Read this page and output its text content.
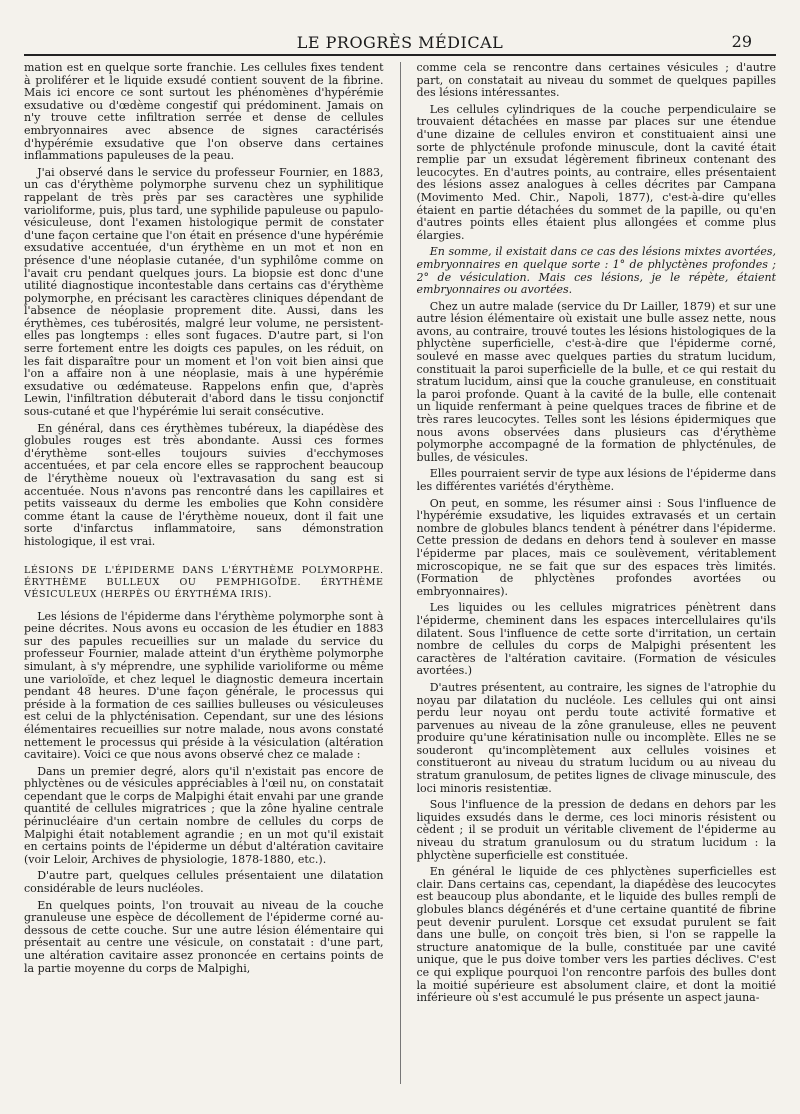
LE PROGRÈS MÉDICAL	29

mation est en quelque sorte franchie. Les cellules fixes tendent à proliférer et le liquide exsudé contient souvent de la fibrine. Mais ici encore ce sont surtout les phénomènes d'hypérémie exsudative ou d'œdème congestif qui prédominent. Jamais on n'y trouve cette infiltration serrée et dense de cellules embryonnaires avec absence de signes caractérisés d'hypérémie exsudative que l'on observe dans certaines inflammations papuleuses de la peau.

J'ai observé dans le service du professeur Fournier, en 1883, un cas d'érythème polymorphe survenu chez un syphilitique rappelant de très près par ses caractères une syphilide varioliforme, puis, plus tard, une syphilide papuleuse ou papulo-vésiculeuse, dont l'examen histologique permit de constater d'une façon certaine que l'on était en présence d'une hypérémie exsudative accentuée, d'un érythème en un mot et non en présence d'une néoplasie cutanée, d'un syphilôme comme on l'avait cru pendant quelques jours. La biopsie est donc d'une utilité diagnostique incontestable dans certains cas d'érythème polymorphe, en précisant les caractères cliniques dépendant de l'absence de néoplasie proprement dite. Aussi, dans les érythèmes, ces tubérosités, malgré leur volume, ne persistent-elles pas longtemps : elles sont fugaces. D'autre part, si l'on serre fortement entre les doigts ces papules, on les réduit, on les fait disparaître pour un moment et l'on voit bien ainsi que l'on a affaire non à une néoplasie, mais à une hypérémie exsudative ou œdémateuse. Rappelons enfin que, d'après Lewin, l'infiltration débuterait d'abord dans le tissu conjonctif sous-cutané et que l'hypérémie lui serait consécutive.

En général, dans ces érythèmes tubéreux, la diapédèse des globules rouges est très abondante. Aussi ces formes d'érythème sont-elles toujours suivies d'ecchymoses accentuées, et par cela encore elles se rapprochent beaucoup de l'érythème noueux où l'extravasation du sang est si accentuée. Nous n'avons pas rencontré dans les capillaires et petits vaisseaux du derme les embolies que Kohn considère comme étant la cause de l'érythème noueux, dont il fait une sorte d'infarctus inflammatoire, sans démonstration histologique, il est vrai.

LÉSIONS DE L'ÉPIDERME DANS L'ÉRYTHÈME POLYMORPHE. ÉRYTHÈME BULLEUX OU PEMPHIGOÏDE. ÉRYTHÈME VÉSICULEUX (HERPÈS OU ÉRYTHÉMA IRIS).

Les lésions de l'épiderme dans l'érythème polymorphe sont à peine décrites. Nous avons eu occasion de les étudier en 1883 sur des papules recueillies sur un malade du service du professeur Fournier, malade atteint d'un érythème polymorphe simulant, à s'y méprendre, une syphilide varioliforme ou même une varioloïde, et chez lequel le diagnostic demeura incertain pendant 48 heures. D'une façon générale, le processus qui préside à la formation de ces saillies bulleuses ou vésiculeuses est celui de la phlycténisation. Cependant, sur une des lésions élémentaires recueillies sur notre malade, nous avons constaté nettement le processus qui préside à la vésiculation (altération cavitaire). Voici ce que nous avons observé chez ce malade :

Dans un premier degré, alors qu'il n'existait pas encore de phlyctènes ou de vésicules appréciables à l'œil nu, on constatait cependant que le corps de Malpighi était envahi par une grande quantité de cellules migratrices ; que la zône hyaline centrale périnucléaire d'un certain nombre de cellules du corps de Malpighi était notablement agrandie ; en un mot qu'il existait en certains points de l'épiderme un début d'altération cavitaire (voir Leloir, Archives de physiologie, 1878-1880, etc.).

D'autre part, quelques cellules présentaient une dilatation considérable de leurs nucléoles.

En quelques points, l'on trouvait au niveau de la couche granuleuse une espèce de décollement de l'épiderme corné au-dessous de cette couche. Sur une autre lésion élémentaire qui présentait au centre une vésicule, on constatait : d'une part, une altération cavitaire assez prononcée en certains points de la partie moyenne du corps de Malpighi,

comme cela se rencontre dans certaines vésicules ; d'autre part, on constatait au niveau du sommet de quelques papilles des lésions intéressantes.

Les cellules cylindriques de la couche perpendiculaire se trouvaient détachées en masse par places sur une étendue d'une dizaine de cellules environ et constituaient ainsi une sorte de phlycténule profonde minuscule, dont la cavité était remplie par un exsudat légèrement fibrineux contenant des leucocytes. En d'autres points, au contraire, elles présentaient des lésions assez analogues à celles décrites par Campana (Movimento Med. Chir., Napoli, 1877), c'est-à-dire qu'elles étaient en partie détachées du sommet de la papille, ou qu'en d'autres points elles étaient plus allongées et comme plus élargies.

En somme, il existait dans ce cas des lésions mixtes avortées, embryonnaires en quelque sorte : 1° de phlyctènes profondes ; 2° de vésiculation. Mais ces lésions, je le répète, étaient embryonnaires ou avortées.

Chez un autre malade (service du Dr Lailler, 1879) et sur une autre lésion élémentaire où existait une bulle assez nette, nous avons, au contraire, trouvé toutes les lésions histologiques de la phlyctène superficielle, c'est-à-dire que l'épiderme corné, soulevé en masse avec quelques parties du stratum lucidum, constituait la paroi superficielle de la bulle, et ce qui restait du stratum lucidum, ainsi que la couche granuleuse, en constituait la paroi profonde. Quant à la cavité de la bulle, elle contenait un liquide renfermant à peine quelques traces de fibrine et de très rares leucocytes. Telles sont les lésions épidermiques que nous avons observées dans plusieurs cas d'érythème polymorphe accompagné de la formation de phlycténules, de bulles, de vésicules.

Elles pourraient servir de type aux lésions de l'épiderme dans les différentes variétés d'érythème.

On peut, en somme, les résumer ainsi : Sous l'influence de l'hypérémie exsudative, les liquides extravasés et un certain nombre de globules blancs tendent à pénétrer dans l'épiderme. Cette pression de dedans en dehors tend à soulever en masse l'épiderme par places, mais ce soulèvement, véritablement microscopique, ne se fait que sur des espaces très limités. (Formation de phlyctènes profondes avortées ou embryonnaires).

Les liquides ou les cellules migratrices pénètrent dans l'épiderme, cheminent dans les espaces intercellulaires qu'ils dilatent. Sous l'influence de cette sorte d'irritation, un certain nombre de cellules du corps de Malpighi présentent les caractères de l'altération cavitaire. (Formation de vésicules avortées.)

D'autres présentent, au contraire, les signes de l'atrophie du noyau par dilatation du nucléole. Les cellules qui ont ainsi perdu leur noyau ont perdu toute activité formative et parvenues au niveau de la zône granuleuse, elles ne peuvent produire qu'une kératinisation nulle ou incomplète. Elles ne se souderont qu'incomplètement aux cellules voisines et constitueront au niveau du stratum lucidum ou au niveau du stratum granulosum, de petites lignes de clivage minuscule, des loci minoris resistentiæ.

Sous l'influence de la pression de dedans en dehors par les liquides exsudés dans le derme, ces loci minoris résistent ou cèdent ; il se produit un véritable clivement de l'épiderme au niveau du stratum granulosum ou du stratum lucidum : la phlyctène superficielle est constituée.

En général le liquide de ces phlyctènes superficielles est clair. Dans certains cas, cependant, la diapédèse des leucocytes est beaucoup plus abondante, et le liquide des bulles rempli de globules blancs dégénérés et d'une certaine quantité de fibrine peut devenir purulent. Lorsque cet exsudat purulent se fait dans une bulle, on conçoit très bien, si l'on se rappelle la structure anatomique de la bulle, constituée par une cavité unique, que le pus doive tomber vers les parties déclives. C'est ce qui explique pourquoi l'on rencontre parfois des bulles dont la moitié supérieure est absolument claire, et dont la moitié inférieure où s'est accumulé le pus présente un aspect jauna-
